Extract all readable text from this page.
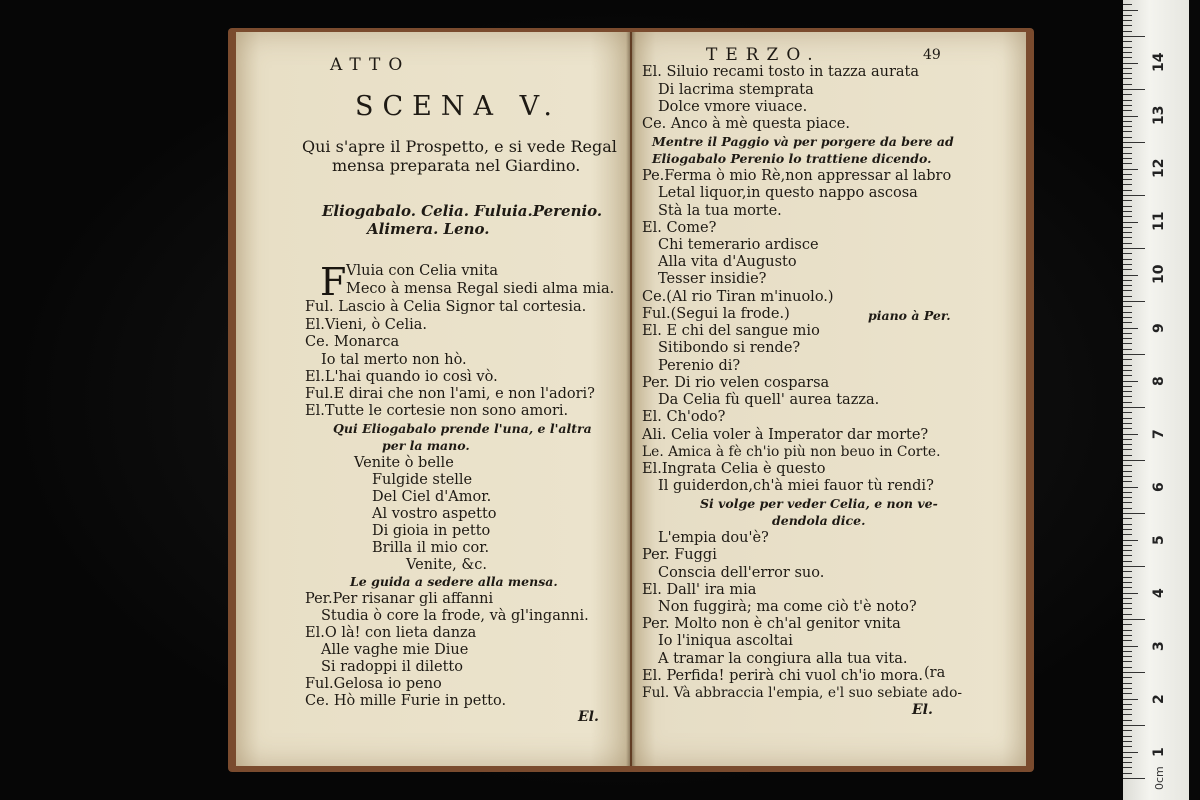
0cm
1
2
3
4
5
6
7
8
9
10
11
12
13
14
ATTO
SCENA V.
Qui s'apre il Prospetto, e si vede Regal
mensa preparata nel Giardino.
Eliogabalo. Celia. Fuluia.Perenio.
Alimera. Leno.
F Vluia con Celia vnita
Meco à mensa Regal siedi alma mia.
Ful. Lascio à Celia Signor tal cortesia.
El.Vieni, ò Celia.
Ce. Monarca
Io tal merto non hò.
El.L'hai quando io così vò.
Ful.E dirai che non l'ami, e non l'adori?
El.Tutte le cortesie non sono amori.
Qui Eliogabalo prende l'una, e l'altra
per la mano.
Venite ò belle
Fulgide stelle
Del Ciel d'Amor.
Al vostro aspetto
Di gioia in petto
Brilla il mio cor.
Venite, &c.
Le guida a sedere alla mensa.
Per.Per risanar gli affanni
Studia ò core la frode, và gl'inganni.
El.O là! con lieta danza
Alle vaghe mie Diue
Si radoppi il diletto
Ful.Gelosa io peno
Ce. Hò mille Furie in petto.
El.
TERZO.	49
El. Siluio recami tosto in tazza aurata
Di lacrima stemprata
Dolce vmore viuace.
Ce. Anco à mè questa piace.
Mentre il Paggio và per porgere da bere ad
Eliogabalo Perenio lo trattiene dicendo.
Pe.Ferma ò mio Rè,non appressar al labro
Letal liquor,in questo nappo ascosa
Stà la tua morte.
El. Come?
Chi temerario ardisce
Alla vita d'Augusto
Tesser insidie?
Ce.(Al rio Tiran m'inuolo.)
Ful.(Segui la frode.)	piano à Per.
El. E chi del sangue mio
Sitibondo si rende?
Perenio di?
Per. Di rio velen cosparsa
Da Celia fù quell' aurea tazza.
El. Ch'odo?
Ali. Celia voler à Imperator dar morte?
Le. Amica à fè ch'io più non beuo in Corte.
El.Ingrata Celia è questo
Il guiderdon,ch'à miei fauor tù rendi?
Si volge per veder Celia, e non ve-
dendola dice.
L'empia dou'è?
Per. Fuggi
Conscia dell'error suo.
El. Dall' ira mia
Non fuggirà; ma come ciò t'è noto?
Per. Molto non è ch'al genitor vnita
Io l'iniqua ascoltai
A tramar la congiura alla tua vita.
El. Perfida! perirà chi vuol ch'io mora. (ra
Ful. Và abbraccia l'empia, e'l suo sebiate ado-
El.
